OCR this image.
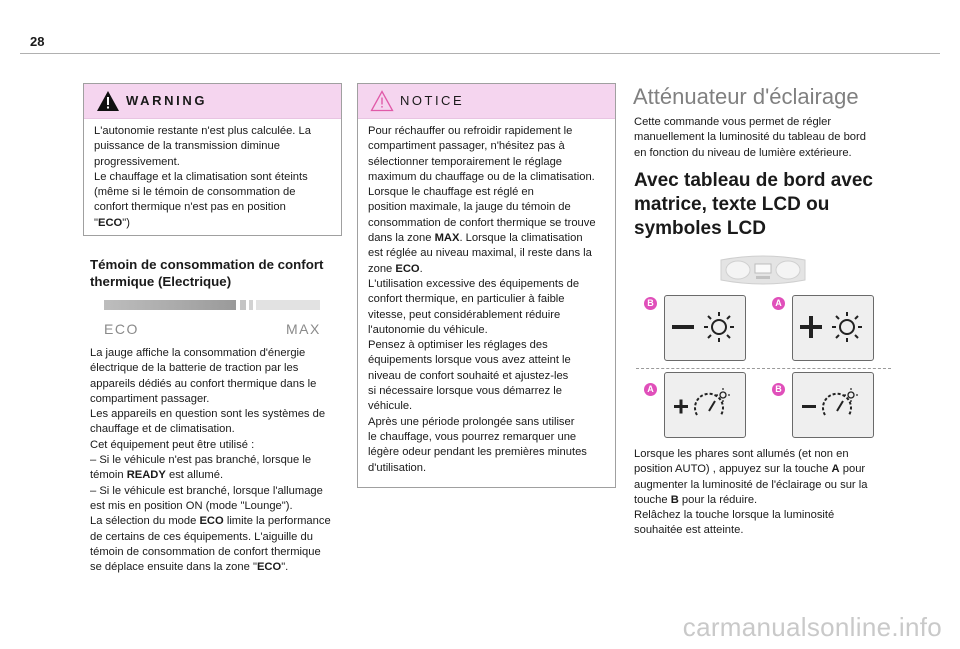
28
WARNING
L'autonomie restante n'est plus calculée. La
puissance de la transmission diminue
progressivement.
Le chauffage et la climatisation sont éteints
(même si le témoin de consommation de
confort thermique n'est pas en position
"ECO")
Témoin de consommation de confort
thermique (Electrique)
ECO	MAX
La jauge affiche la consommation d'énergie
électrique de la batterie de traction par les
appareils dédiés au confort thermique dans le
compartiment passager.
Les appareils en question sont les systèmes de
chauffage et de climatisation.
Cet équipement peut être utilisé :
– Si le véhicule n'est pas branché, lorsque le
témoin READY est allumé.
– Si le véhicule est branché, lorsque l'allumage
est mis en position ON (mode "Lounge").
La sélection du mode ECO limite la performance
de certains de ces équipements. L'aiguille du
témoin de consommation de confort thermique
se déplace ensuite dans la zone "ECO".
NOTICE
Pour réchauffer ou refroidir rapidement le
compartiment passager, n'hésitez pas à
sélectionner temporairement le réglage
maximum du chauffage ou de la climatisation.
Lorsque le chauffage est réglé en
position maximale, la jauge du témoin de
consommation de confort thermique se trouve
dans la zone MAX. Lorsque la climatisation
est réglée au niveau maximal, il reste dans la
zone ECO.
L'utilisation excessive des équipements de
confort thermique, en particulier à faible
vitesse, peut considérablement réduire
l'autonomie du véhicule.
Pensez à optimiser les réglages des
équipements lorsque vous avez atteint le
niveau de confort souhaité et ajustez-les
si nécessaire lorsque vous démarrez le
véhicule.
Après une période prolongée sans utiliser
le chauffage, vous pourrez remarquer une
légère odeur pendant les premières minutes
d'utilisation.
Atténuateur d'éclairage
Cette commande vous permet de régler
manuellement la luminosité du tableau de bord
en fonction du niveau de lumière extérieure.
Avec tableau de bord avec
matrice, texte LCD ou
symboles LCD
B	A
A	B
Lorsque les phares sont allumés (et non en
position AUTO) , appuyez sur la touche A pour
augmenter la luminosité de l'éclairage ou sur la
touche B pour la réduire.
Relâchez la touche lorsque la luminosité
souhaitée est atteinte.
carmanualsonline.info
